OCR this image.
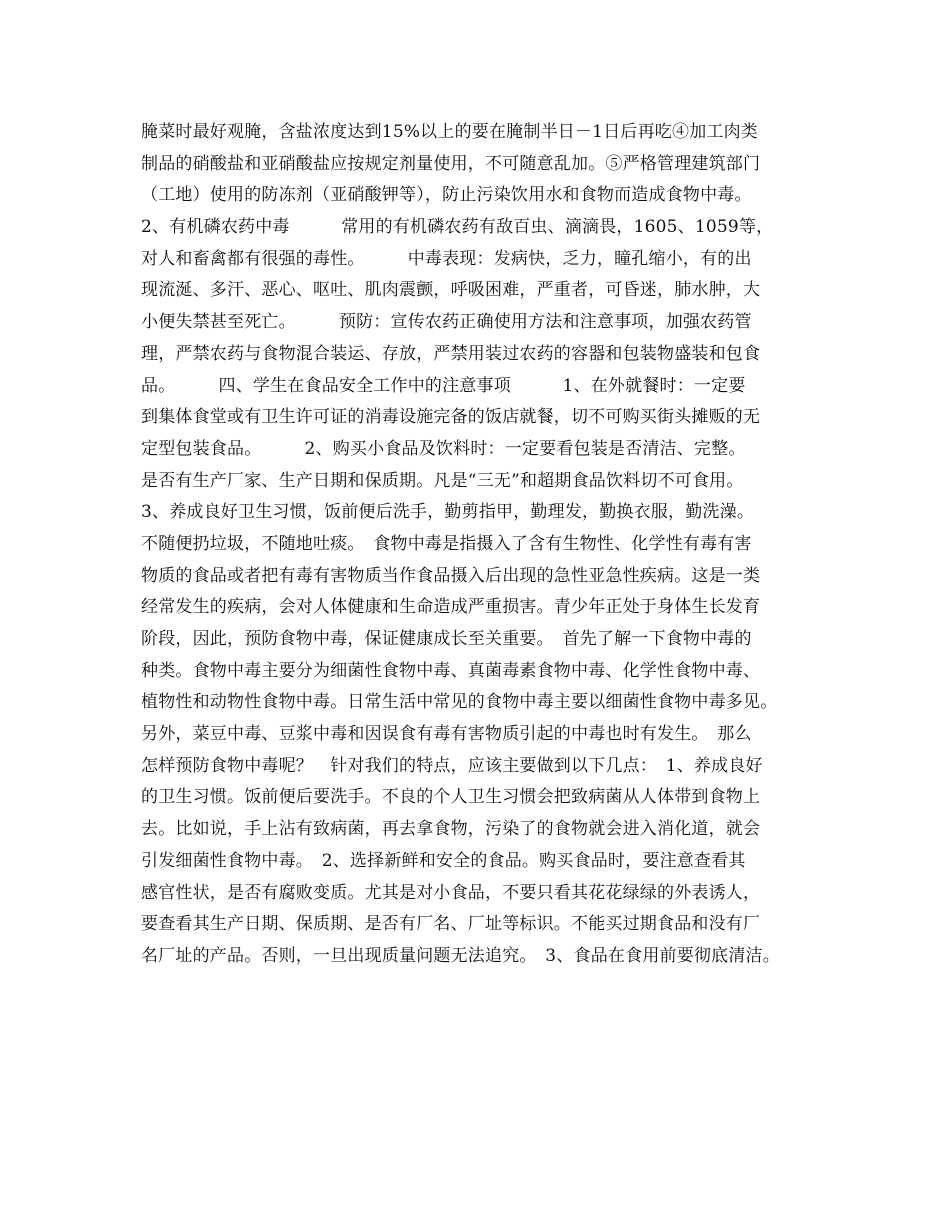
腌菜时最好观腌，含盐浓度达到15%以上的要在腌制半日－1日后再吃④加工肉类
制品的硝酸盐和亚硝酸盐应按规定剂量使用，不可随意乱加。⑤严格管理建筑部门
（工地）使用的防冻剂（亚硝酸钾等），防止污染饮用水和食物而造成食物中毒。
2、有机磷农药中毒　　　常用的有机磷农药有敌百虫、滴滴畏，1605、1059等，
对人和畜禽都有很强的毒性。　　　中毒表现：发病快，乏力，瞳孔缩小，有的出
现流涎、多汗、恶心、呕吐、肌肉震颤，呼吸困难，严重者，可昏迷，肺水肿，大
小便失禁甚至死亡。　　　预防：宣传农药正确使用方法和注意事项，加强农药管
理，严禁农药与食物混合装运、存放，严禁用装过农药的容器和包装物盛装和包食
品。　　　四、学生在食品安全工作中的注意事项　　　1、在外就餐时：一定要
到集体食堂或有卫生许可证的消毒设施完备的饭店就餐，切不可购买街头摊贩的无
定型包装食品。　　　2、购买小食品及饮料时：一定要看包装是否清洁、完整。
是否有生产厂家、生产日期和保质期。凡是“三无”和超期食品饮料切不可食用。
3、养成良好卫生习惯，饭前便后洗手，勤剪指甲，勤理发，勤换衣服，勤洗澡。
不随便扔垃圾，不随地吐痰。　食物中毒是指摄入了含有生物性、化学性有毒有害
物质的食品或者把有毒有害物质当作食品摄入后出现的急性亚急性疾病。这是一类
经常发生的疾病，会对人体健康和生命造成严重损害。青少年正处于身体生长发育
阶段，因此，预防食物中毒，保证健康成长至关重要。　首先了解一下食物中毒的
种类。食物中毒主要分为细菌性食物中毒、真菌毒素食物中毒、化学性食物中毒、
植物性和动物性食物中毒。日常生活中常见的食物中毒主要以细菌性食物中毒多见。
另外，菜豆中毒、豆浆中毒和因误食有毒有害物质引起的中毒也时有发生。　那么
怎样预防食物中毒呢？　针对我们的特点，应该主要做到以下几点：　1、养成良好
的卫生习惯。饭前便后要洗手。不良的个人卫生习惯会把致病菌从人体带到食物上
去。比如说，手上沾有致病菌，再去拿食物，污染了的食物就会进入消化道，就会
引发细菌性食物中毒。　2、选择新鲜和安全的食品。购买食品时，要注意查看其
感官性状，是否有腐败变质。尤其是对小食品，不要只看其花花绿绿的外表诱人，
要查看其生产日期、保质期、是否有厂名、厂址等标识。不能买过期食品和没有厂
名厂址的产品。否则，一旦出现质量问题无法追究。　3、食品在食用前要彻底清洁。
